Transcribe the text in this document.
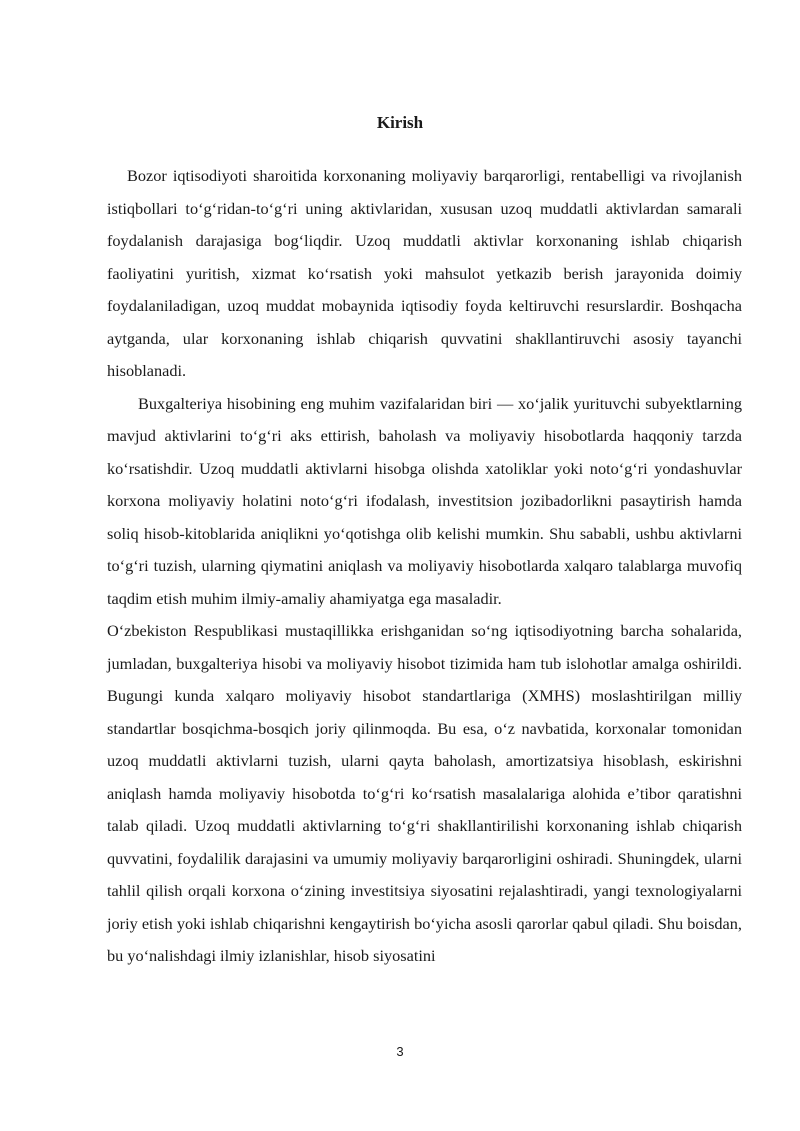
Kirish

Bozor iqtisodiyoti sharoitida korxonaning moliyaviy barqarorligi, rentabelligi va rivojlanish istiqbollari to‘g‘ridan-to‘g‘ri uning aktivlaridan, xususan uzoq muddatli aktivlardan samarali foydalanish darajasiga bog‘liqdir. Uzoq muddatli aktivlar korxonaning ishlab chiqarish faoliyatini yuritish, xizmat ko‘rsatish yoki mahsulot yetkazib berish jarayonida doimiy foydalaniladigan, uzoq muddat mobaynida iqtisodiy foyda keltiruvchi resurslardir. Boshqacha aytganda, ular korxonaning ishlab chiqarish quvvatini shakllantiruvchi asosiy tayanchi hisoblanadi.

Buxgalteriya hisobining eng muhim vazifalaridan biri — xo‘jalik yurituvchi subyektlarning mavjud aktivlarini to‘g‘ri aks ettirish, baholash va moliyaviy hisobotlarda haqqoniy tarzda ko‘rsatishdir. Uzoq muddatli aktivlarni hisobga olishda xatoliklar yoki noto‘g‘ri yondashuvlar korxona moliyaviy holatini noto‘g‘ri ifodalash, investitsion jozibadorlikni pasaytirish hamda soliq hisob-kitoblarida aniqlikni yo‘qotishga olib kelishi mumkin. Shu sababli, ushbu aktivlarni to‘g‘ri tuzish, ularning qiymatini aniqlash va moliyaviy hisobotlarda xalqaro talablarga muvofiq taqdim etish muhim ilmiy-amaliy ahamiyatga ega masaladir.

O‘zbekiston Respublikasi mustaqillikka erishganidan so‘ng iqtisodiyotning barcha sohalarida, jumladan, buxgalteriya hisobi va moliyaviy hisobot tizimida ham tub islohotlar amalga oshirildi. Bugungi kunda xalqaro moliyaviy hisobot standartlariga (XMHS) moslashtirilgan milliy standartlar bosqichma-bosqich joriy qilinmoqda. Bu esa, o‘z navbatida, korxonalar tomonidan uzoq muddatli aktivlarni tuzish, ularni qayta baholash, amortizatsiya hisoblash, eskirishni aniqlash hamda moliyaviy hisobotda to‘g‘ri ko‘rsatish masalalariga alohida e’tibor qaratishni talab qiladi. Uzoq muddatli aktivlarning to‘g‘ri shakllantirilishi korxonaning ishlab chiqarish quvvatini, foydalilik darajasini va umumiy moliyaviy barqarorligini oshiradi. Shuningdek, ularni tahlil qilish orqali korxona o‘zining investitsiya siyosatini rejalashtiradi, yangi texnologiyalarni joriy etish yoki ishlab chiqarishni kengaytirish bo‘yicha asosli qarorlar qabul qiladi. Shu boisdan, bu yo‘nalishdagi ilmiy izlanishlar, hisob siyosatini

3
